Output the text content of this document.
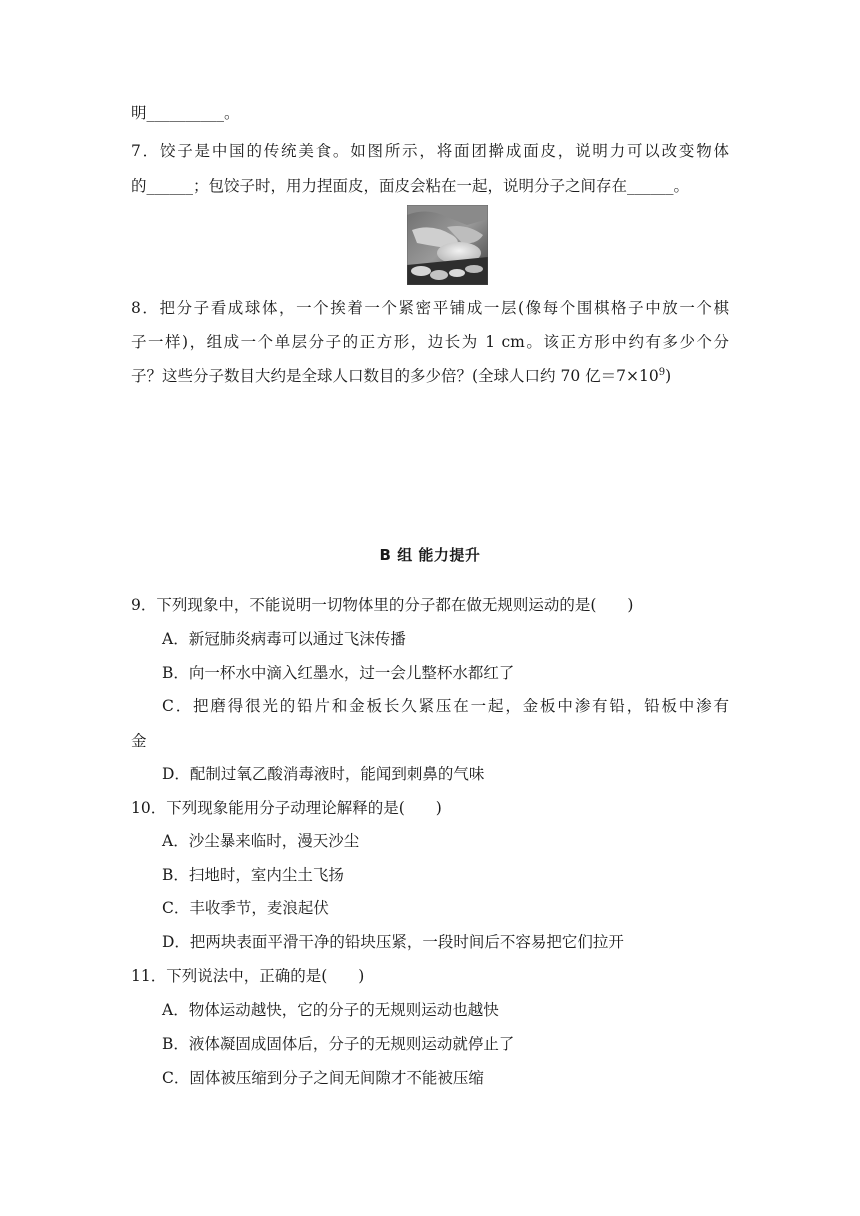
明__________。
7．饺子是中国的传统美食。如图所示，将面团擀成面皮，说明力可以改变物体
的______；包饺子时，用力捏面皮，面皮会粘在一起，说明分子之间存在______。
8．把分子看成球体，一个挨着一个紧密平铺成一层(像每个围棋格子中放一个棋
子一样)，组成一个单层分子的正方形，边长为 1 cm。该正方形中约有多少个分
子？这些分子数目大约是全球人口数目的多少倍？(全球人口约 70 亿$=7\times 10^9$)
B 组 能力提升
9．下列现象中，不能说明一切物体里的分子都在做无规则运动的是(　　)
A．新冠肺炎病毒可以通过飞沫传播
B．向一杯水中滴入红墨水，过一会儿整杯水都红了
C．把磨得很光的铅片和金板长久紧压在一起，金板中渗有铅，铅板中渗有
金
D．配制过氧乙酸消毒液时，能闻到刺鼻的气味
10．下列现象能用分子动理论解释的是(　　)
A．沙尘暴来临时，漫天沙尘
B．扫地时，室内尘土飞扬
C．丰收季节，麦浪起伏
D．把两块表面平滑干净的铅块压紧，一段时间后不容易把它们拉开
11．下列说法中，正确的是(　　)
A．物体运动越快，它的分子的无规则运动也越快
B．液体凝固成固体后，分子的无规则运动就停止了
C．固体被压缩到分子之间无间隙才不能被压缩
